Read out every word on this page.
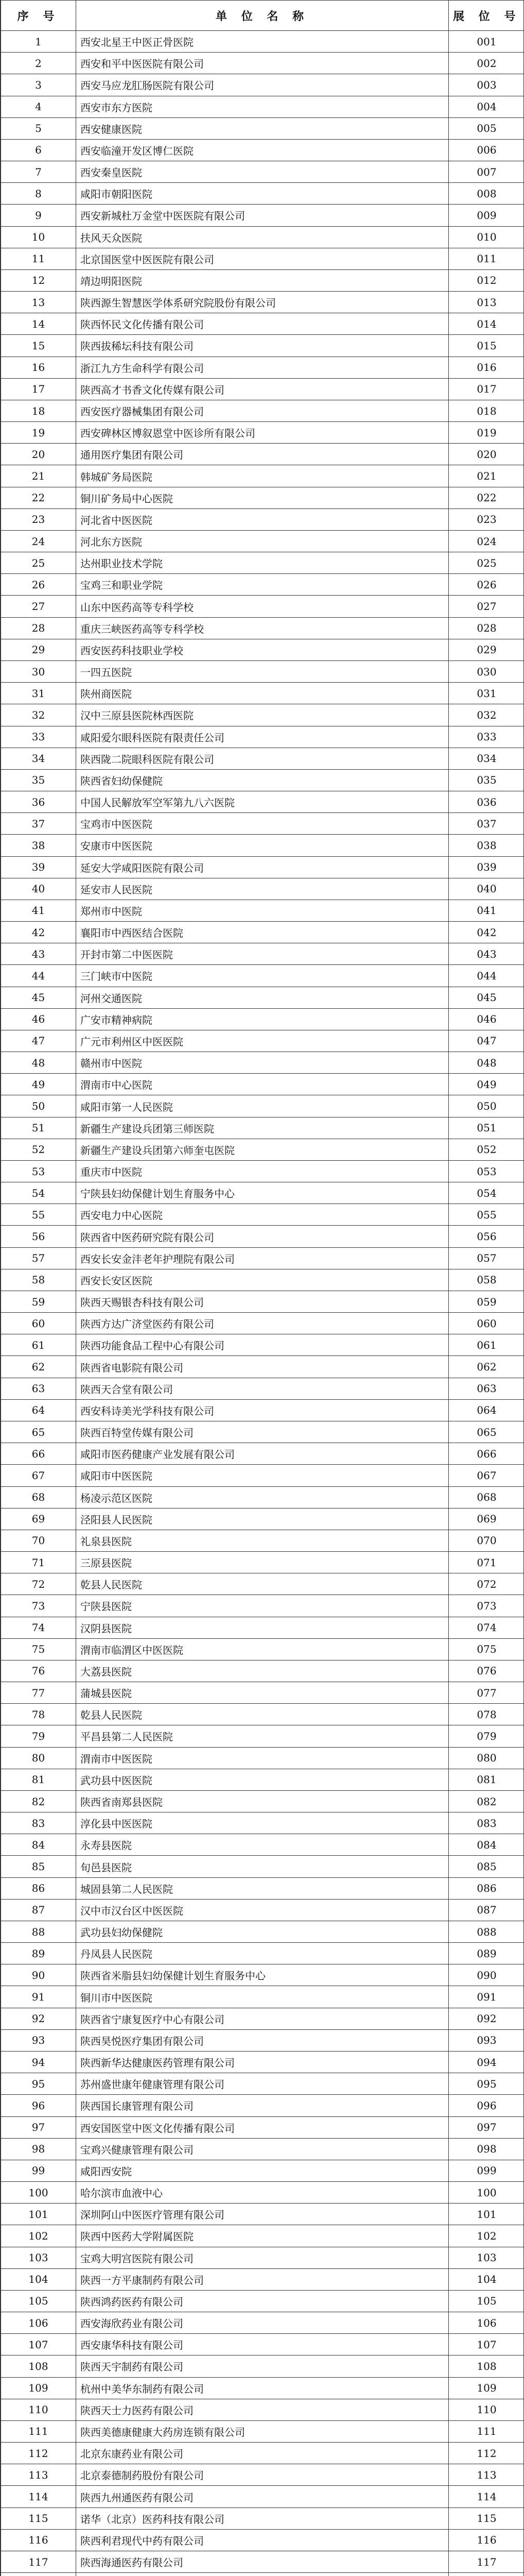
序 号	单 位 名 称	展 位 号
1	西安北星王中医正骨医院	001
2	西安和平中医医院有限公司	002
3	西安马应龙肛肠医院有限公司	003
4	西安市东方医院	004
5	西安健康医院	005
6	西安临潼开发区博仁医院	006
7	西安秦皇医院	007
8	咸阳市朝阳医院	008
9	西安新城杜万金堂中医医院有限公司	009
10	扶风天众医院	010
11	北京国医堂中医医院有限公司	011
12	靖边明阳医院	012
13	陕西源生智慧医学体系研究院股份有限公司	013
14	陕西怀民文化传播有限公司	014
15	陕西拔稀坛科技有限公司	015
16	浙江九方生命科学有限公司	016
17	陕西高才书香文化传媒有限公司	017
18	西安医疗器械集团有限公司	018
19	西安碑林区博叙恩堂中医诊所有限公司	019
20	通用医疗集团有限公司	020
21	韩城矿务局医院	021
22	铜川矿务局中心医院	022
23	河北省中医医院	023
24	河北东方医院	024
25	达州职业技术学院	025
26	宝鸡三和职业学院	026
27	山东中医药高等专科学校	027
28	重庆三峡医药高等专科学校	028
29	西安医药科技职业学校	029
30	一四五医院	030
31	陕州商医院	031
32	汉中三原县医院林西医院	032
33	咸阳爱尔眼科医院有限责任公司	033
34	陕西陇二院眼科医院有限公司	034
35	陕西省妇幼保健院	035
36	中国人民解放军空军第九八六医院	036
37	宝鸡市中医医院	037
38	安康市中医医院	038
39	延安大学咸阳医院有限公司	039
40	延安市人民医院	040
41	郑州市中医院	041
42	襄阳市中西医结合医院	042
43	开封市第二中医医院	043
44	三门峡市中医院	044
45	河州交通医院	045
46	广安市精神病院	046
47	广元市利州区中医医院	047
48	赣州市中医院	048
49	渭南市中心医院	049
50	咸阳市第一人民医院	050
51	新疆生产建设兵团第三师医院	051
52	新疆生产建设兵团第六师奎屯医院	052
53	重庆市中医院	053
54	宁陕县妇幼保健计划生育服务中心	054
55	西安电力中心医院	055
56	陕西省中医药研究院有限公司	056
57	西安长安金沣老年护理院有限公司	057
58	西安长安区医院	058
59	陕西天赐银杏科技有限公司	059
60	陕西方达广济堂医药有限公司	060
61	陕西功能食品工程中心有限公司	061
62	陕西省电影院有限公司	062
63	陕西天合堂有限公司	063
64	西安科诗美光学科技有限公司	064
65	陕西百特堂传媒有限公司	065
66	咸阳市医药健康产业发展有限公司	066
67	咸阳市中医医院	067
68	杨凌示范区医院	068
69	泾阳县人民医院	069
70	礼泉县医院	070
71	三原县医院	071
72	乾县人民医院	072
73	宁陕县医院	073
74	汉阴县医院	074
75	渭南市临渭区中医医院	075
76	大荔县医院	076
77	蒲城县医院	077
78	乾县人民医院	078
79	平昌县第二人民医院	079
80	渭南市中医医院	080
81	武功县中医医院	081
82	陕西省南郑县医院	082
83	淳化县中医医院	083
84	永寿县医院	084
85	旬邑县医院	085
86	城固县第二人民医院	086
87	汉中市汉台区中医医院	087
88	武功县妇幼保健院	088
89	丹凤县人民医院	089
90	陕西省米脂县妇幼保健计划生育服务中心	090
91	铜川市中医医院	091
92	陕西省宁康复医疗中心有限公司	092
93	陕西昊悦医疗集团有限公司	093
94	陕西新华达健康医药管理有限公司	094
95	苏州盛世康年健康管理有限公司	095
96	陕西国长康管理有限公司	096
97	西安国医堂中医文化传播有限公司	097
98	宝鸡兴健康管理有限公司	098
99	咸阳西安院	099
100	哈尔滨市血液中心	100
101	深圳阿山中医医疗管理有限公司	101
102	陕西中医药大学附属医院	102
103	宝鸡大明宫医院有限公司	103
104	陕西一方平康制药有限公司	104
105	陕西鸿药医药有限公司	105
106	西安海欣药业有限公司	106
107	西安康华科技有限公司	107
108	陕西天宇制药有限公司	108
109	杭州中美华东制药有限公司	109
110	陕西天士力医药有限公司	110
111	陕西美德康健康大药房连锁有限公司	111
112	北京东康药业有限公司	112
113	北京泰德制药股份有限公司	113
114	陕西九州通医药有限公司	114
115	诺华（北京）医药科技有限公司	115
116	陕西利君现代中药有限公司	116
117	陕西海通医药有限公司	117
